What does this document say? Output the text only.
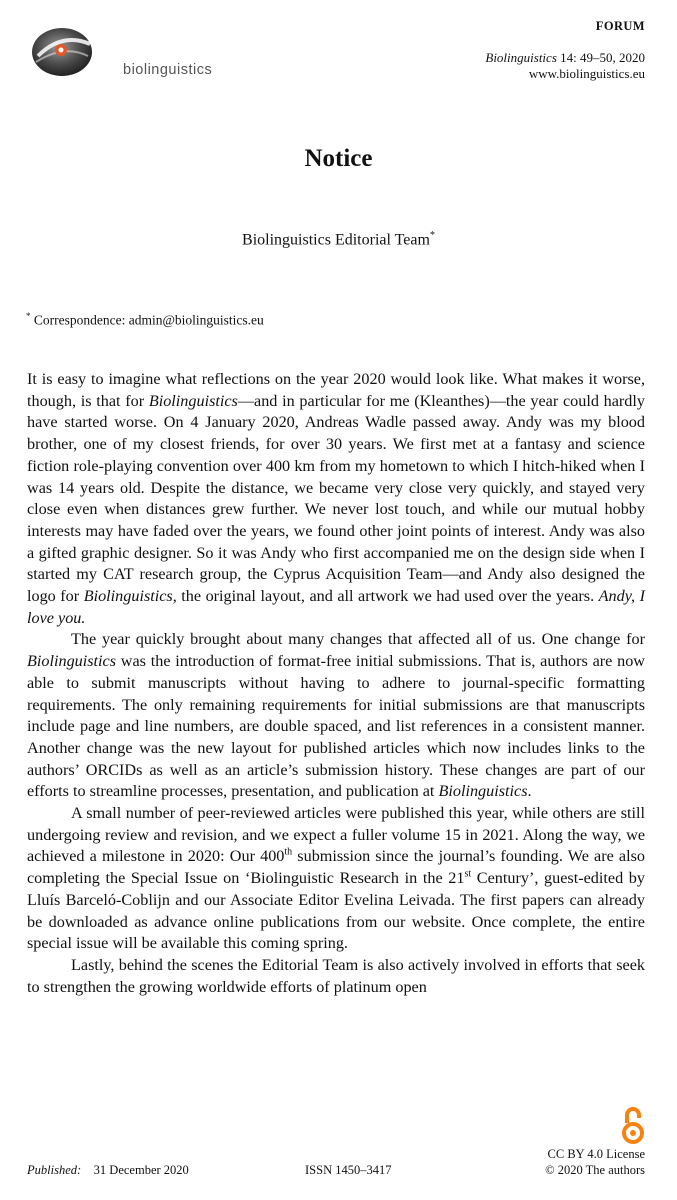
biolinguistics
FORUM
Biolinguistics 14: 49–50, 2020
www.biolinguistics.eu
Notice
Biolinguistics Editorial Team*
* Correspondence: admin@biolinguistics.eu

It is easy to imagine what reflections on the year 2020 would look like. What makes it worse, though, is that for Biolinguistics—and in particular for me (Kleanthes)—the year could hardly have started worse. On 4 January 2020, Andreas Wadle passed away. Andy was my blood brother, one of my closest friends, for over 30 years. We first met at a fantasy and science fiction role-playing convention over 400 km from my hometown to which I hitch-hiked when I was 14 years old. Despite the distance, we became very close very quickly, and stayed very close even when distances grew further. We never lost touch, and while our mutual hobby interests may have faded over the years, we found other joint points of interest. Andy was also a gifted graphic designer. So it was Andy who first accompanied me on the design side when I started my CAT research group, the Cyprus Acquisition Team—and Andy also designed the logo for Biolinguistics, the original layout, and all artwork we had used over the years. Andy, I love you.

The year quickly brought about many changes that affected all of us. One change for Biolinguistics was the introduction of format-free initial submissions. That is, authors are now able to submit manuscripts without having to adhere to journal-specific formatting requirements. The only remaining requirements for initial submissions are that manuscripts include page and line numbers, are double spaced, and list references in a consistent manner. Another change was the new layout for published articles which now includes links to the authors’ ORCIDs as well as an article’s submission history. These changes are part of our efforts to streamline processes, presentation, and publication at Biolinguistics.

A small number of peer-reviewed articles were published this year, while others are still undergoing review and revision, and we expect a fuller volume 15 in 2021. Along the way, we achieved a milestone in 2020: Our 400th submission since the journal’s founding. We are also completing the Special Issue on ‘Biolinguistic Research in the 21st Century’, guest-edited by Lluís Barceló-Coblijn and our Associate Editor Evelina Leivada. The first papers can already be downloaded as advance online publications from our website. Once complete, the entire special issue will be available this coming spring.

Lastly, behind the scenes the Editorial Team is also actively involved in efforts that seek to strengthen the growing worldwide efforts of platinum open

Published: 31 December 2020	ISSN 1450–3417
CC BY 4.0 License
© 2020 The authors
